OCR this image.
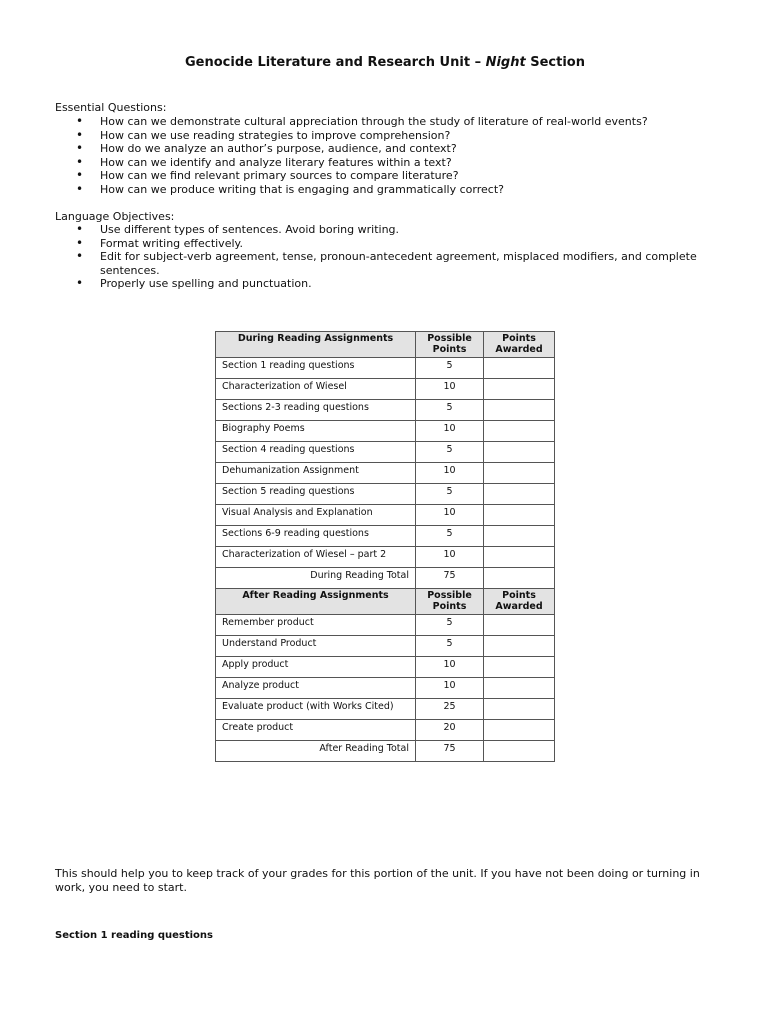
Genocide Literature and Research Unit – Night Section
Essential Questions:
• How can we demonstrate cultural appreciation through the study of literature of real-world events?
• How can we use reading strategies to improve comprehension?
• How do we analyze an author’s purpose, audience, and context?
• How can we identify and analyze literary features within a text?
• How can we find relevant primary sources to compare literature?
• How can we produce writing that is engaging and grammatically correct?
Language Objectives:
• Use different types of sentences. Avoid boring writing.
• Format writing effectively.
• Edit for subject-verb agreement, tense, pronoun-antecedent agreement, misplaced modifiers, and complete sentences.
• Properly use spelling and punctuation.
During Reading Assignments	Possible Points	Points Awarded
Section 1 reading questions	5	
Characterization of Wiesel	10	
Sections 2-3 reading questions	5	
Biography Poems	10	
Section 4 reading questions	5	
Dehumanization Assignment	10	
Section 5 reading questions	5	
Visual Analysis and Explanation	10	
Sections 6-9 reading questions	5	
Characterization of Wiesel – part 2	10	
During Reading Total	75	
After Reading Assignments	Possible Points	Points Awarded
Remember product	5	
Understand Product	5	
Apply product	10	
Analyze product	10	
Evaluate product (with Works Cited)	25	
Create product	20	
After Reading Total	75	
This should help you to keep track of your grades for this portion of the unit. If you have not been doing or turning in work, you need to start.
Section 1 reading questions
